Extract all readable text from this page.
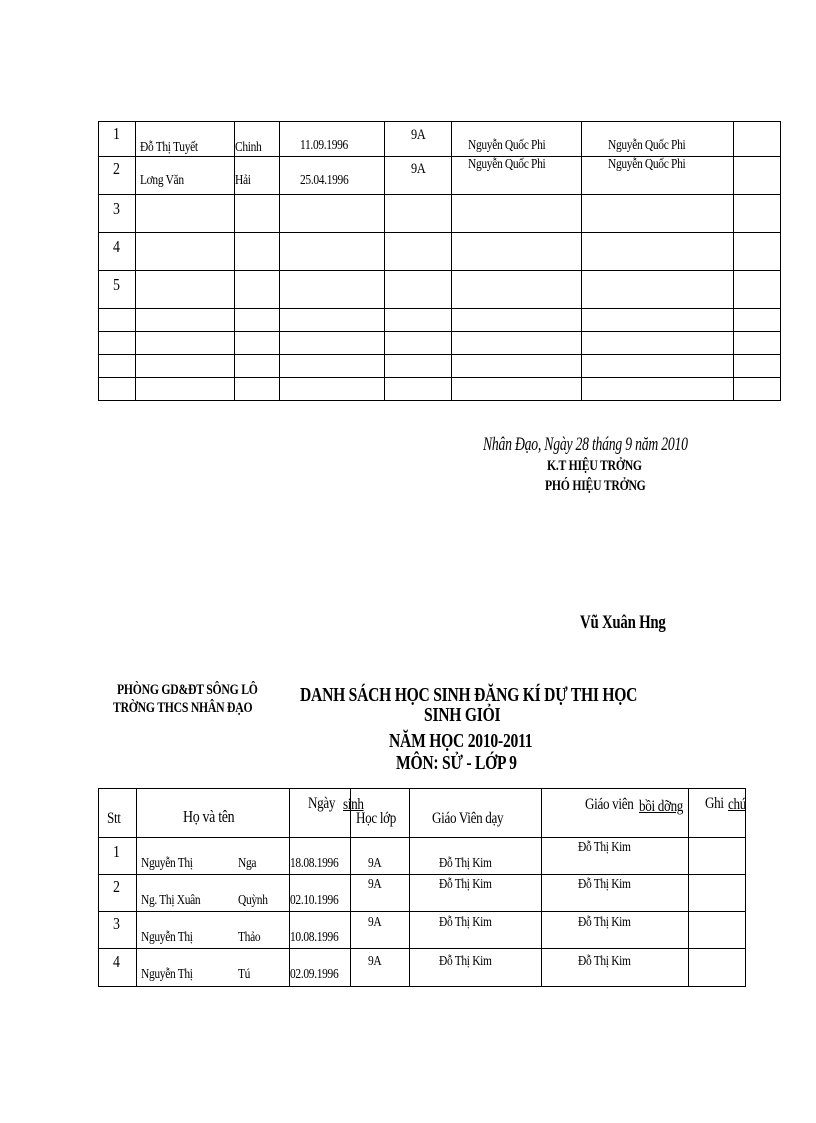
1	Đỗ Thị Tuyết	Chinh	11.09.1996	9A	Nguyễn Quốc Phi	Nguyễn Quốc Phi	

2	Lơng Văn	Hải	25.04.1996	9A	Nguyễn Quốc Phi	Nguyễn Quốc Phi	

3							
4							
5							

Nhân Đạo, Ngày 28 tháng 9 năm 2010
K.T HIỆU TRỞNG
PHÓ HIỆU TRỞNG
Vũ Xuân Hng
PHÒNG GD&ĐT SÔNG LÔ
TRỜNG THCS NHÂN ĐẠO
DANH SÁCH HỌC SINH ĐĂNG KÍ DỰ THI HỌC
SINH GIỎI
NĂM HỌC 2010-2011
MÔN: SỬ - LỚP 9
Stt	Họ và tên		Ngày sinh	Học lớp	Giáo Viên dạy	Giáo viên bồi dỡng	Ghi chú
1	Nguyễn Thị	Nga	18.08.1996	9A	Đỗ Thị Kim	Đỗ Thị Kim	

2	Ng. Thị Xuân	Quỳnh	02.10.1996	9A	Đỗ Thị Kim	Đỗ Thị Kim	

3	Nguyễn Thị	Thảo	10.08.1996	9A	Đỗ Thị Kim	Đỗ Thị Kim	

4	Nguyễn Thị	Tú	02.09.1996	9A	Đỗ Thị Kim	Đỗ Thị Kim	
